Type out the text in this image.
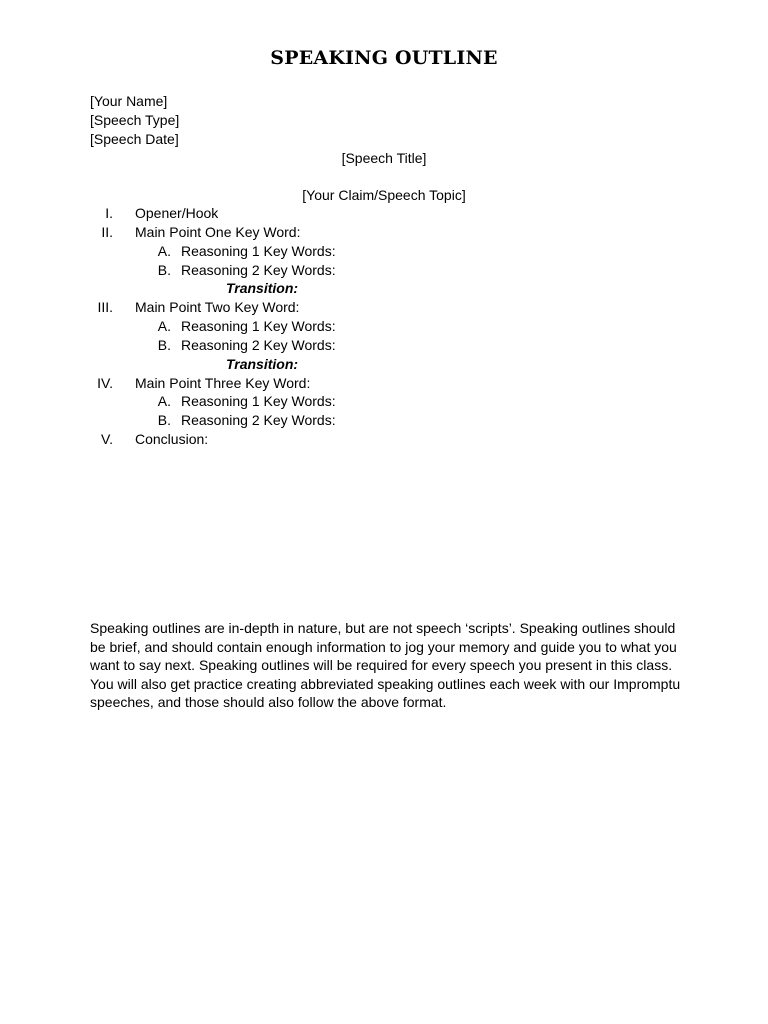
SPEAKING OUTLINE
[Your Name]
[Speech Type]
[Speech Date]
[Speech Title]
[Your Claim/Speech Topic]
I. Opener/Hook
II. Main Point One Key Word:
A. Reasoning 1 Key Words:
B. Reasoning 2 Key Words:
Transition:
III. Main Point Two Key Word:
A. Reasoning 1 Key Words:
B. Reasoning 2 Key Words:
Transition:
IV. Main Point Three Key Word:
A. Reasoning 1 Key Words:
B. Reasoning 2 Key Words:
V. Conclusion:

Speaking outlines are in-depth in nature, but are not speech ‘scripts’. Speaking outlines should be brief, and should contain enough information to jog your memory and guide you to what you want to say next. Speaking outlines will be required for every speech you present in this class. You will also get practice creating abbreviated speaking outlines each week with our Impromptu speeches, and those should also follow the above format.
